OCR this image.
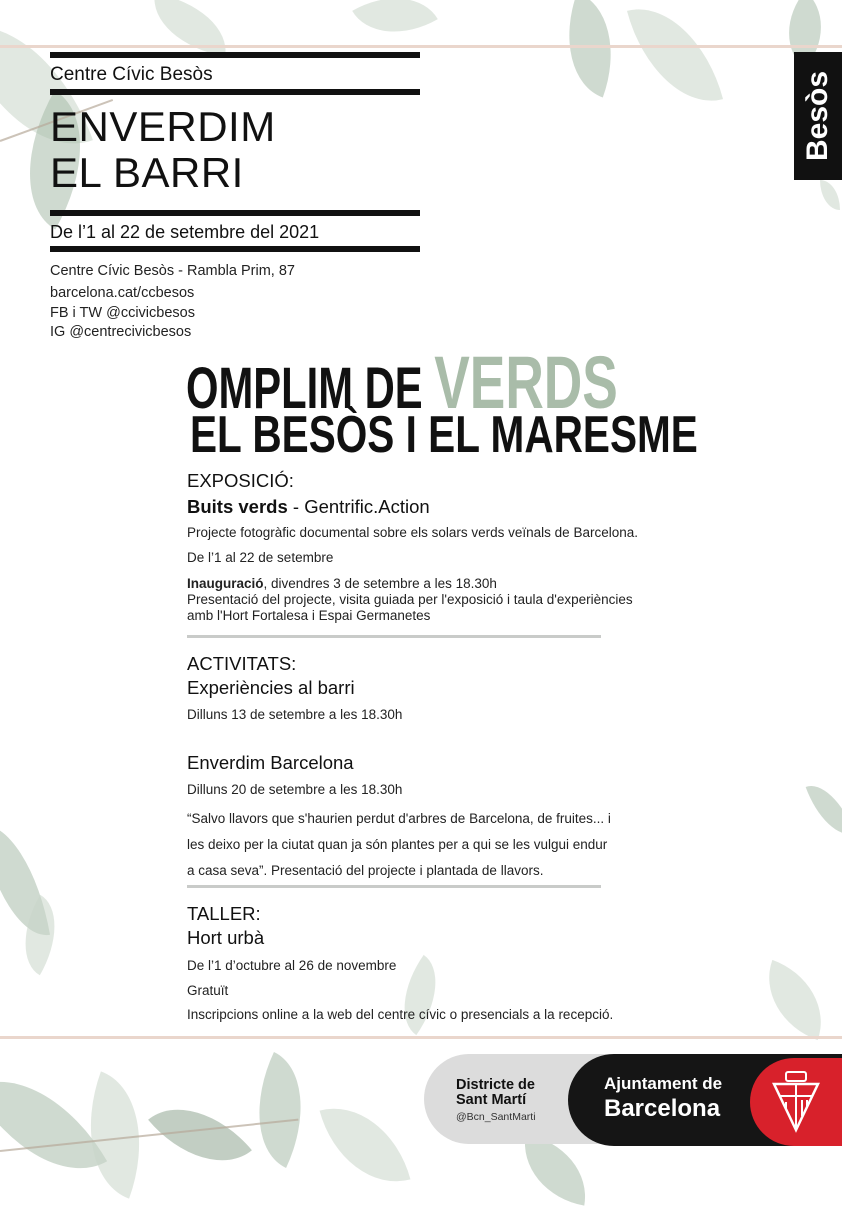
Centre Cívic Besòs
ENVERDIM
EL BARRI
De l’1 al 22 de setembre del 2021
Centre Cívic Besòs - Rambla Prim, 87
barcelona.cat/ccbesos
FB i TW @ccivicbesos
IG @centrecivicbesos
Besòs
OMPLIM DE VERDS
EL BESÒS I EL MARESME
EXPOSICIÓ:
Buits verds - Gentrific.Action
Projecte fotogràfic documental sobre els solars verds veïnals de Barcelona.
De l’1 al 22 de setembre
Inauguració, divendres 3 de setembre a les 18.30h
Presentació del projecte, visita guiada per l'exposició i taula d'experiències
amb l'Hort Fortalesa i Espai Germanetes
ACTIVITATS:
Experiències al barri
Dilluns 13 de setembre a les 18.30h
Enverdim Barcelona
Dilluns 20 de setembre a les 18.30h
“Salvo llavors que s'haurien perdut d'arbres de Barcelona, de fruites... i
les deixo per la ciutat quan ja són plantes per a qui se les vulgui endur
a casa seva”. Presentació del projecte i plantada de llavors.
TALLER:
Hort urbà
De l’1 d’octubre al 26 de novembre
Gratuït
Inscripcions online a la web del centre cívic o presencials a la recepció.
Districte de Sant Martí
@Bcn_SantMarti
Ajuntament de
Barcelona
